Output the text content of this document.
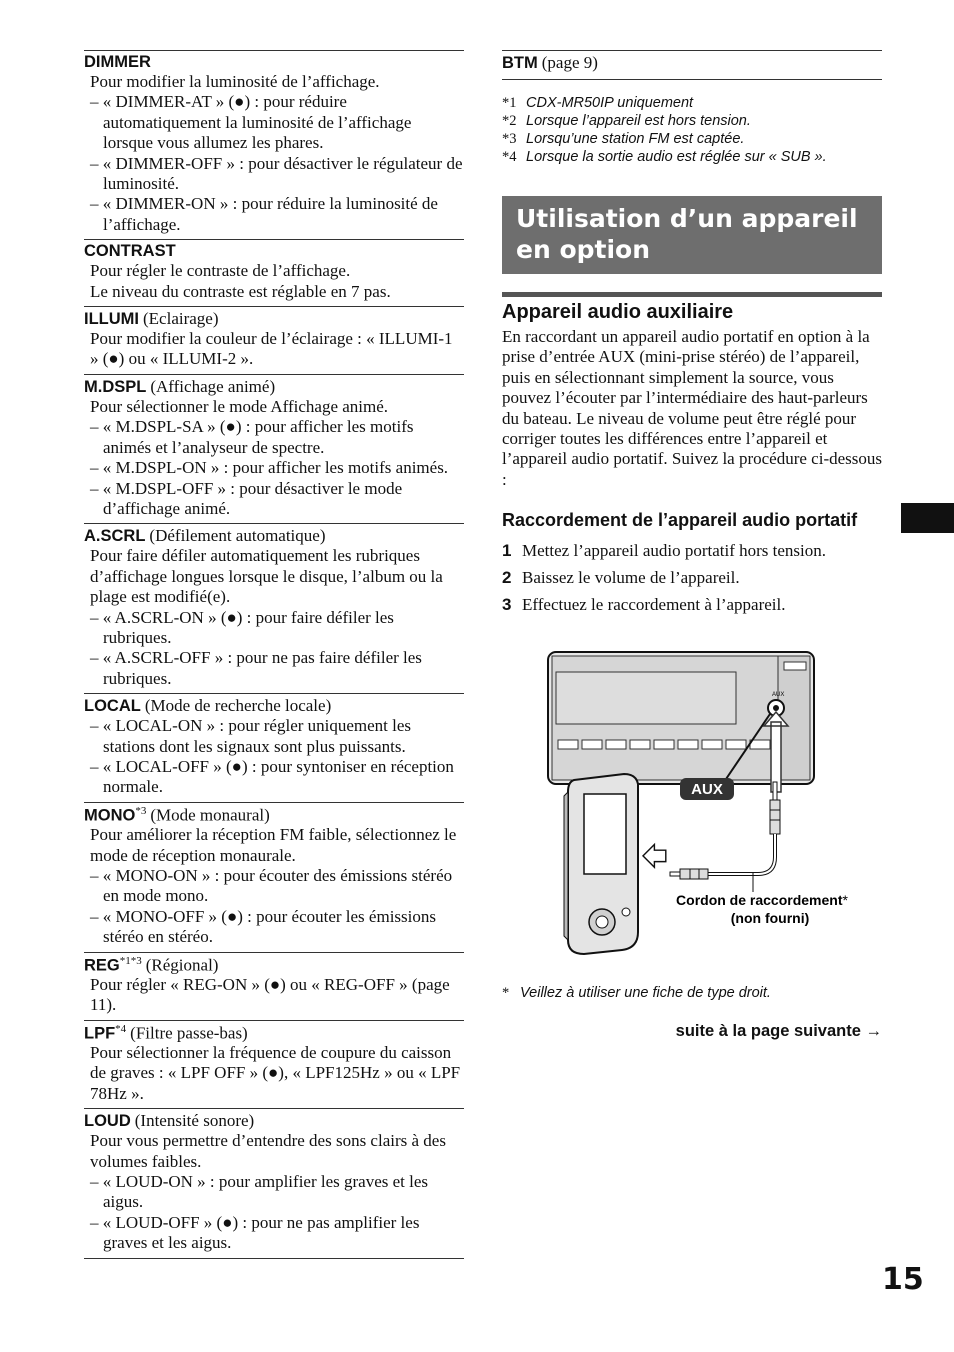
DIMMER
Pour modifier la luminosité de l’affichage.
– « DIMMER-AT » (●) : pour réduire automatiquement la luminosité de l’affichage lorsque vous allumez les phares.
– « DIMMER-OFF » : pour désactiver le régulateur de luminosité.
– « DIMMER-ON » : pour réduire la luminosité de l’affichage.
CONTRAST
Pour régler le contraste de l’affichage.
Le niveau du contraste est réglable en 7 pas.
ILLUMI (Eclairage)
Pour modifier la couleur de l’éclairage : « ILLUMI-1 » (●) ou « ILLUMI-2 ».
M.DSPL (Affichage animé)
Pour sélectionner le mode Affichage animé.
– « M.DSPL-SA » (●) : pour afficher les motifs animés et l’analyseur de spectre.
– « M.DSPL-ON » : pour afficher les motifs animés.
– « M.DSPL-OFF » : pour désactiver le mode d’affichage animé.
A.SCRL (Défilement automatique)
Pour faire défiler automatiquement les rubriques d’affichage longues lorsque le disque, l’album ou la plage est modifié(e).
– « A.SCRL-ON » (●) : pour faire défiler les rubriques.
– « A.SCRL-OFF » : pour ne pas faire défiler les rubriques.
LOCAL (Mode de recherche locale)
– « LOCAL-ON » : pour régler uniquement les stations dont les signaux sont plus puissants.
– « LOCAL-OFF » (●) : pour syntoniser en réception normale.
MONO$^{*3}$ (Mode monaural)
Pour améliorer la réception FM faible, sélectionnez le mode de réception monaurale.
– « MONO-ON » : pour écouter des émissions stéréo en mode mono.
– « MONO-OFF » (●) : pour écouter les émissions stéréo en stéréo.
$REG^{*1*3}$ (Régional)
Pour régler « REG-ON » (●) ou « REG-OFF » (page 11).
LPF$^{*4}$ (Filtre passe-bas)
Pour sélectionner la fréquence de coupure du caisson de graves : « LPF OFF » (●), « LPF125Hz » ou « LPF 78Hz ».
LOUD (Intensité sonore)
Pour vous permettre d’entendre des sons clairs à des volumes faibles.
– « LOUD-ON » : pour amplifier les graves et les aigus.
– « LOUD-OFF » (●) : pour ne pas amplifier les graves et les aigus.
BTM (page 9)
*1 CDX-MR50IP uniquement
*2 Lorsque l’appareil est hors tension.
*3 Lorsqu’une station FM est captée.
*4 Lorsque la sortie audio est réglée sur « SUB ».
Utilisation d’un appareil en option
Appareil audio auxiliaire
En raccordant un appareil audio portatif en option à la prise d’entrée AUX (mini-prise stéréo) de l’appareil, puis en sélectionnant simplement la source, vous pouvez l’écouter par l’intermédiaire des haut-parleurs du bateau. Le niveau de volume peut être réglé pour corriger toutes les différences entre l’appareil et l’appareil audio portatif. Suivez la procédure ci-dessous :
Raccordement de l’appareil audio portatif
1 Mettez l’appareil audio portatif hors tension.
2 Baissez le volume de l’appareil.
3 Effectuez le raccordement à l’appareil.
AUX
AUX
Cordon de raccordement*
(non fourni)
* Veillez à utiliser une fiche de type droit.
suite à la page suivante →
15
